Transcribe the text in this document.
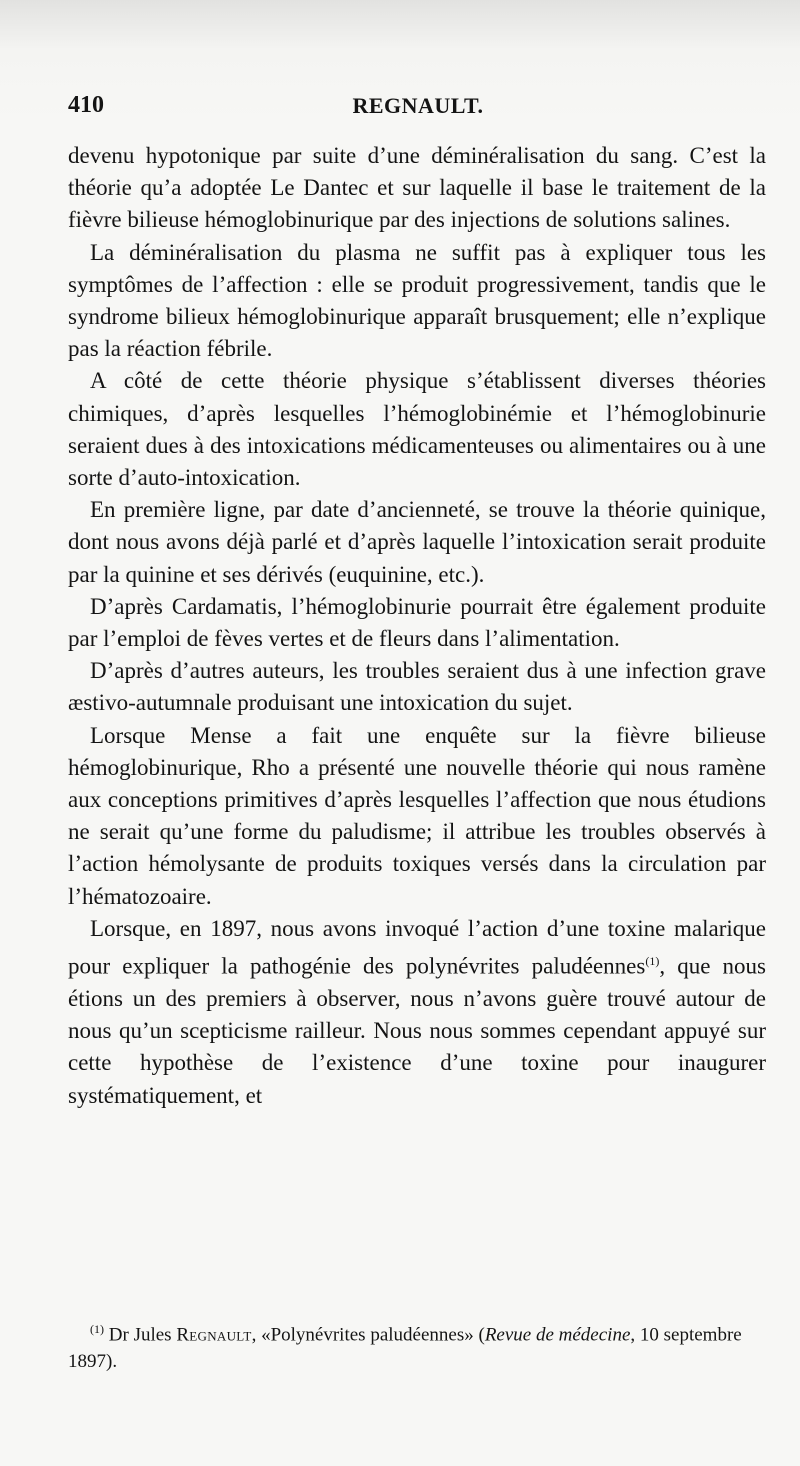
410	REGNAULT.

devenu hypotonique par suite d’une déminéralisation du sang. C’est la théorie qu’a adoptée Le Dantec et sur laquelle il base le traitement de la fièvre bilieuse hémoglobinurique par des injections de solutions salines.

La déminéralisation du plasma ne suffit pas à expliquer tous les symptômes de l’affection : elle se produit progressivement, tandis que le syndrome bilieux hémoglobinurique apparaît brusquement; elle n’explique pas la réaction fébrile.

A côté de cette théorie physique s’établissent diverses théories chimiques, d’après lesquelles l’hémoglobinémie et l’hémoglobinurie seraient dues à des intoxications médicamenteuses ou alimentaires ou à une sorte d’auto-intoxication.

En première ligne, par date d’ancienneté, se trouve la théorie quinique, dont nous avons déjà parlé et d’après laquelle l’intoxication serait produite par la quinine et ses dérivés (euquinine, etc.).

D’après Cardamatis, l’hémoglobinurie pourrait être également produite par l’emploi de fèves vertes et de fleurs dans l’alimentation.

D’après d’autres auteurs, les troubles seraient dus à une infection grave æstivo-autumnale produisant une intoxication du sujet.

Lorsque Mense a fait une enquête sur la fièvre bilieuse hémoglobinurique, Rho a présenté une nouvelle théorie qui nous ramène aux conceptions primitives d’après lesquelles l’affection que nous étudions ne serait qu’une forme du paludisme; il attribue les troubles observés à l’action hémolysante de produits toxiques versés dans la circulation par l’hématozoaire.

Lorsque, en 1897, nous avons invoqué l’action d’une toxine malarique pour expliquer la pathogénie des polynévrites paludéennes$^{(1)}$, que nous étions un des premiers à observer, nous n’avons guère trouvé autour de nous qu’un scepticisme railleur. Nous nous sommes cependant appuyé sur cette hypothèse de l’existence d’une toxine pour inaugurer systématiquement, et

$^{(1)}$ Dr Jules Regnault, «Polynévrites paludéennes» (Revue de médecine, 10 septembre 1897).
